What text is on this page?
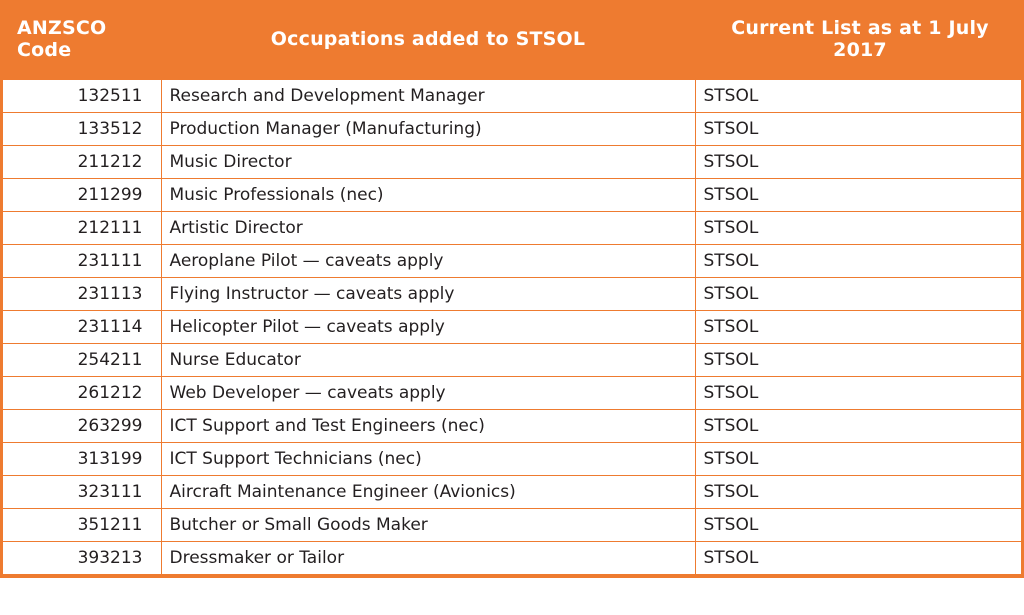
ANZSCO Code	Occupations added to STSOL	Current List as at 1 July 2017
132511	Research and Development Manager	STSOL
133512	Production Manager (Manufacturing)	STSOL
211212	Music Director	STSOL
211299	Music Professionals (nec)	STSOL
212111	Artistic Director	STSOL
231111	Aeroplane Pilot — caveats apply	STSOL
231113	Flying Instructor — caveats apply	STSOL
231114	Helicopter Pilot — caveats apply	STSOL
254211	Nurse Educator	STSOL
261212	Web Developer — caveats apply	STSOL
263299	ICT Support and Test Engineers (nec)	STSOL
313199	ICT Support Technicians (nec)	STSOL
323111	Aircraft Maintenance Engineer (Avionics)	STSOL
351211	Butcher or Small Goods Maker	STSOL
393213	Dressmaker or Tailor	STSOL
